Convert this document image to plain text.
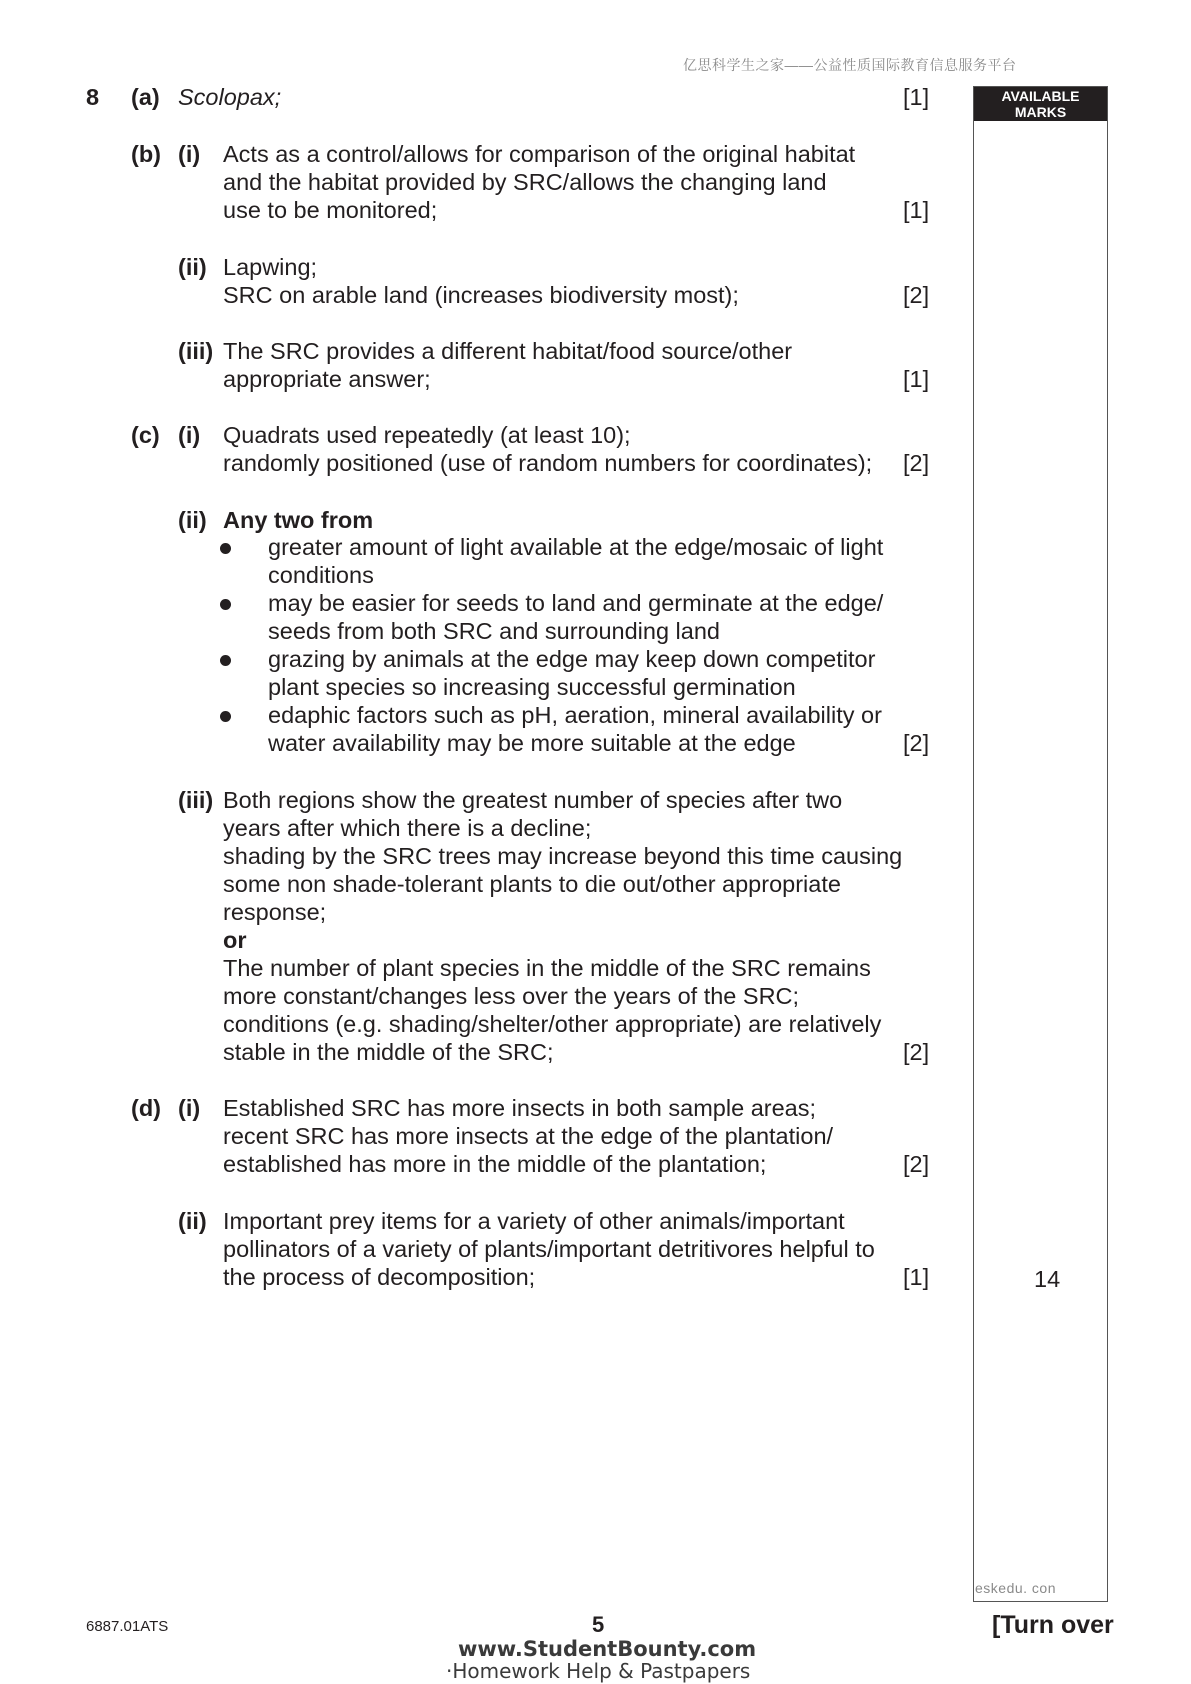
亿思科学生之家——公益性质国际教育信息服务平台
AVAILABLE
MARKS
14
eskedu. con
8 (a) Scolopax;	[1]
(b) (i) Acts as a control/allows for comparison of the original habitat
and the habitat provided by SRC/allows the changing land
use to be monitored;	[1]
(ii) Lapwing;
SRC on arable land (increases biodiversity most);	[2]
(iii) The SRC provides a different habitat/food source/other
appropriate answer;	[1]
(c) (i) Quadrats used repeatedly (at least 10);
randomly positioned (use of random numbers for coordinates); [2]
(ii) Any two from
greater amount of light available at the edge/mosaic of light
conditions
may be easier for seeds to land and germinate at the edge/
seeds from both SRC and surrounding land
grazing by animals at the edge may keep down competitor
plant species so increasing successful germination
edaphic factors such as pH, aeration, mineral availability or
water availability may be more suitable at the edge	[2]
(iii) Both regions show the greatest number of species after two
years after which there is a decline;
shading by the SRC trees may increase beyond this time causing
some non shade-tolerant plants to die out/other appropriate
response;
or
The number of plant species in the middle of the SRC remains
more constant/changes less over the years of the SRC;
conditions (e.g. shading/shelter/other appropriate) are relatively
stable in the middle of the SRC;	[2]
(d) (i) Established SRC has more insects in both sample areas;
recent SRC has more insects at the edge of the plantation/
established has more in the middle of the plantation;	[2]
(ii) Important prey items for a variety of other animals/important
pollinators of a variety of plants/important detritivores helpful to
the process of decomposition;	[1]
6887.01ATS	5	[Turn over
www.StudentBounty.com
·Homework Help & Pastpapers
